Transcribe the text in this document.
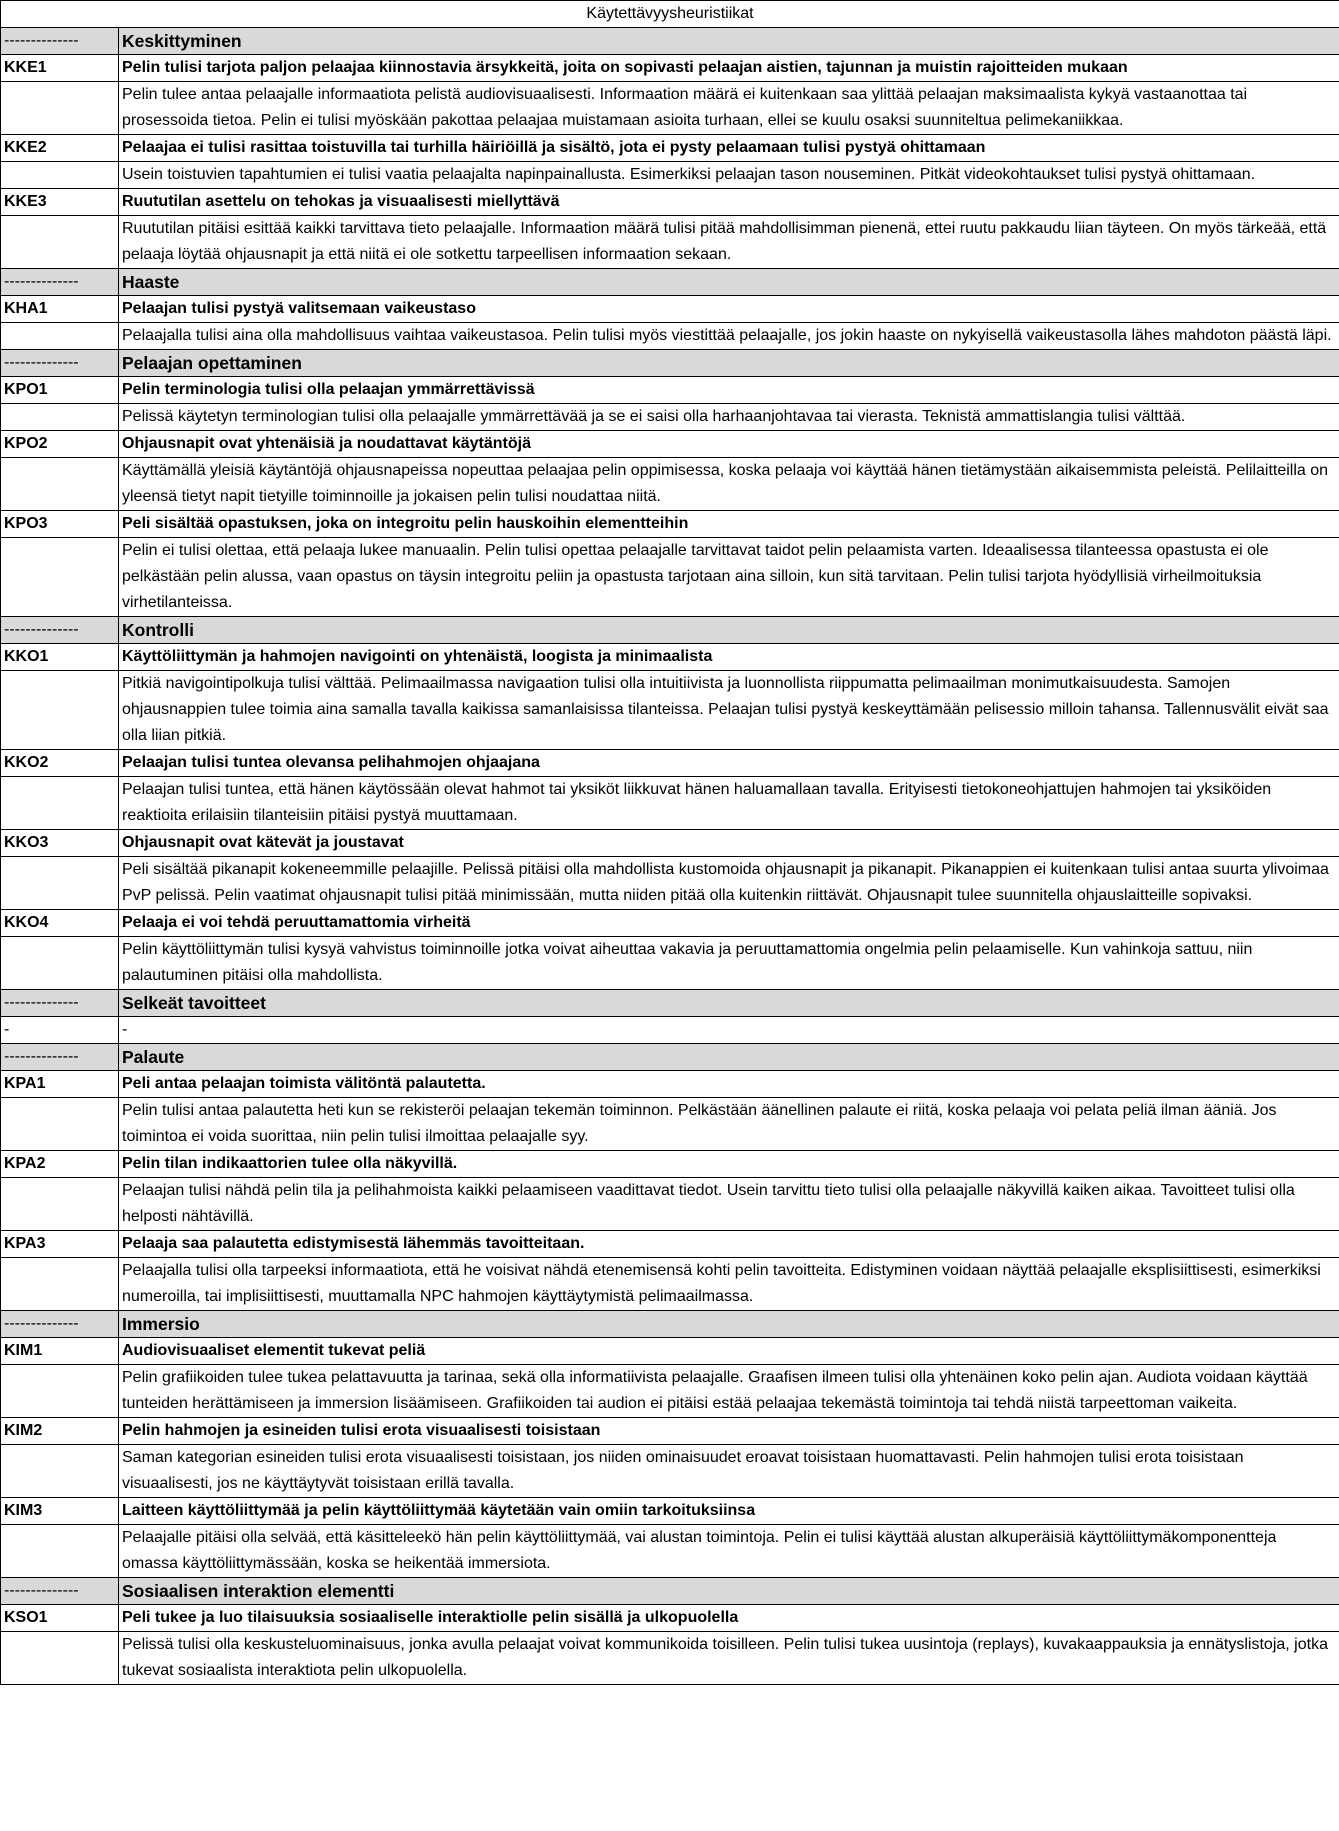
Käytettävyysheuristiikat	
--------------	Keskittyminen
KKE1	Pelin tulisi tarjota paljon pelaajaa kiinnostavia ärsykkeitä, joita on sopivasti pelaajan aistien, tajunnan ja muistin rajoitteiden mukaan
	Pelin tulee antaa pelaajalle informaatiota pelistä audiovisuaalisesti. Informaation määrä ei kuitenkaan saa ylittää pelaajan maksimaalista kykyä vastaanottaa tai prosessoida tietoa. Pelin ei tulisi myöskään pakottaa pelaajaa muistamaan asioita turhaan, ellei se kuulu osaksi suunniteltua pelimekaniikkaa.
KKE2	Pelaajaa ei tulisi rasittaa toistuvilla tai turhilla häiriöillä ja sisältö, jota ei pysty pelaamaan tulisi pystyä ohittamaan
	Usein toistuvien tapahtumien ei tulisi vaatia pelaajalta napinpainallusta. Esimerkiksi pelaajan tason nouseminen. Pitkät videokohtaukset tulisi pystyä ohittamaan.
KKE3	Ruututilan asettelu on tehokas ja visuaalisesti miellyttävä
	Ruututilan pitäisi esittää kaikki tarvittava tieto pelaajalle. Informaation määrä tulisi pitää mahdollisimman pienenä, ettei ruutu pakkaudu liian täyteen. On myös tärkeää, että pelaaja löytää ohjausnapit ja että niitä ei ole sotkettu tarpeellisen informaation sekaan.
--------------	Haaste
KHA1	Pelaajan tulisi pystyä valitsemaan vaikeustaso
	Pelaajalla tulisi aina olla mahdollisuus vaihtaa vaikeustasoa. Pelin tulisi myös viestittää pelaajalle, jos jokin haaste on nykyisellä vaikeustasolla lähes mahdoton päästä läpi.
--------------	Pelaajan opettaminen
KPO1	Pelin terminologia tulisi olla pelaajan ymmärrettävissä
	Pelissä käytetyn terminologian tulisi olla pelaajalle ymmärrettävää ja se ei saisi olla harhaanjohtavaa tai vierasta. Teknistä ammattislangia tulisi välttää.
KPO2	Ohjausnapit ovat yhtenäisiä ja noudattavat käytäntöjä
	Käyttämällä yleisiä käytäntöjä ohjausnapeissa nopeuttaa pelaajaa pelin oppimisessa, koska pelaaja voi käyttää hänen tietämystään aikaisemmista peleistä. Pelilaitteilla on yleensä tietyt napit tietyille toiminnoille ja jokaisen pelin tulisi noudattaa niitä.
KPO3	Peli sisältää opastuksen, joka on integroitu pelin hauskoihin elementteihin
	Pelin ei tulisi olettaa, että pelaaja lukee manuaalin. Pelin tulisi opettaa pelaajalle tarvittavat taidot pelin pelaamista varten. Ideaalisessa tilanteessa opastusta ei ole pelkästään pelin alussa, vaan opastus on täysin integroitu peliin ja opastusta tarjotaan aina silloin, kun sitä tarvitaan. Pelin tulisi tarjota hyödyllisiä virheilmoituksia virhetilanteissa.
--------------	Kontrolli
KKO1	Käyttöliittymän ja hahmojen navigointi on yhtenäistä, loogista ja minimaalista
	Pitkiä navigointipolkuja tulisi välttää. Pelimaailmassa navigaation tulisi olla intuitiivista ja luonnollista riippumatta pelimaailman monimutkaisuudesta. Samojen ohjausnappien tulee toimia aina samalla tavalla kaikissa samanlaisissa tilanteissa. Pelaajan tulisi pystyä keskeyttämään pelisessio milloin tahansa. Tallennusvälit eivät saa olla liian pitkiä.
KKO2	Pelaajan tulisi tuntea olevansa pelihahmojen ohjaajana
	Pelaajan tulisi tuntea, että hänen käytössään olevat hahmot tai yksiköt liikkuvat hänen haluamallaan tavalla. Erityisesti tietokoneohjattujen hahmojen tai yksiköiden reaktioita erilaisiin tilanteisiin pitäisi pystyä muuttamaan.
KKO3	Ohjausnapit ovat kätevät ja joustavat
	Peli sisältää pikanapit kokeneemmille pelaajille. Pelissä pitäisi olla mahdollista kustomoida ohjausnapit ja pikanapit. Pikanappien ei kuitenkaan tulisi antaa suurta ylivoimaa PvP pelissä. Pelin vaatimat ohjausnapit tulisi pitää minimissään, mutta niiden pitää olla kuitenkin riittävät. Ohjausnapit tulee suunnitella ohjauslaitteille sopivaksi.
KKO4	Pelaaja ei voi tehdä peruuttamattomia virheitä
	Pelin käyttöliittymän tulisi kysyä vahvistus toiminnoille jotka voivat aiheuttaa vakavia ja peruuttamattomia ongelmia pelin pelaamiselle. Kun vahinkoja sattuu, niin palautuminen pitäisi olla mahdollista.
--------------	Selkeät tavoitteet
-	-
--------------	Palaute
KPA1	Peli antaa pelaajan toimista välitöntä palautetta.
	Pelin tulisi antaa palautetta heti kun se rekisteröi pelaajan tekemän toiminnon. Pelkästään äänellinen palaute ei riitä, koska pelaaja voi pelata peliä ilman ääniä. Jos toimintoa ei voida suorittaa, niin pelin tulisi ilmoittaa pelaajalle syy.
KPA2	Pelin tilan indikaattorien tulee olla näkyvillä.
	Pelaajan tulisi nähdä pelin tila ja pelihahmoista kaikki pelaamiseen vaadittavat tiedot. Usein tarvittu tieto tulisi olla pelaajalle näkyvillä kaiken aikaa. Tavoitteet tulisi olla helposti nähtävillä.
KPA3	Pelaaja saa palautetta edistymisestä lähemmäs tavoitteitaan.
	Pelaajalla tulisi olla tarpeeksi informaatiota, että he voisivat nähdä etenemisensä kohti pelin tavoitteita. Edistyminen voidaan näyttää pelaajalle eksplisiittisesti, esimerkiksi numeroilla, tai implisiittisesti, muuttamalla NPC hahmojen käyttäytymistä pelimaailmassa.
--------------	Immersio
KIM1	Audiovisuaaliset elementit tukevat peliä
	Pelin grafiikoiden tulee tukea pelattavuutta ja tarinaa, sekä olla informatiivista pelaajalle. Graafisen ilmeen tulisi olla yhtenäinen koko pelin ajan. Audiota voidaan käyttää tunteiden herättämiseen ja immersion lisäämiseen. Grafiikoiden tai audion ei pitäisi estää pelaajaa tekemästä toimintoja tai tehdä niistä tarpeettoman vaikeita.
KIM2	Pelin hahmojen ja esineiden tulisi erota visuaalisesti toisistaan
	Saman kategorian esineiden tulisi erota visuaalisesti toisistaan, jos niiden ominaisuudet eroavat toisistaan huomattavasti. Pelin hahmojen tulisi erota toisistaan visuaalisesti, jos ne käyttäytyvät toisistaan erillä tavalla.
KIM3	Laitteen käyttöliittymää ja pelin käyttöliittymää käytetään vain omiin tarkoituksiinsa
	Pelaajalle pitäisi olla selvää, että käsitteleekö hän pelin käyttöliittymää, vai alustan toimintoja. Pelin ei tulisi käyttää alustan alkuperäisiä käyttöliittymäkomponentteja omassa käyttöliittymässään, koska se heikentää immersiota.
--------------	Sosiaalisen interaktion elementti
KSO1	Peli tukee ja luo tilaisuuksia sosiaaliselle interaktiolle pelin sisällä ja ulkopuolella
	Pelissä tulisi olla keskusteluominaisuus, jonka avulla pelaajat voivat kommunikoida toisilleen. Pelin tulisi tukea uusintoja (replays), kuvakaappauksia ja ennätyslistoja, jotka tukevat sosiaalista interaktiota pelin ulkopuolella.
